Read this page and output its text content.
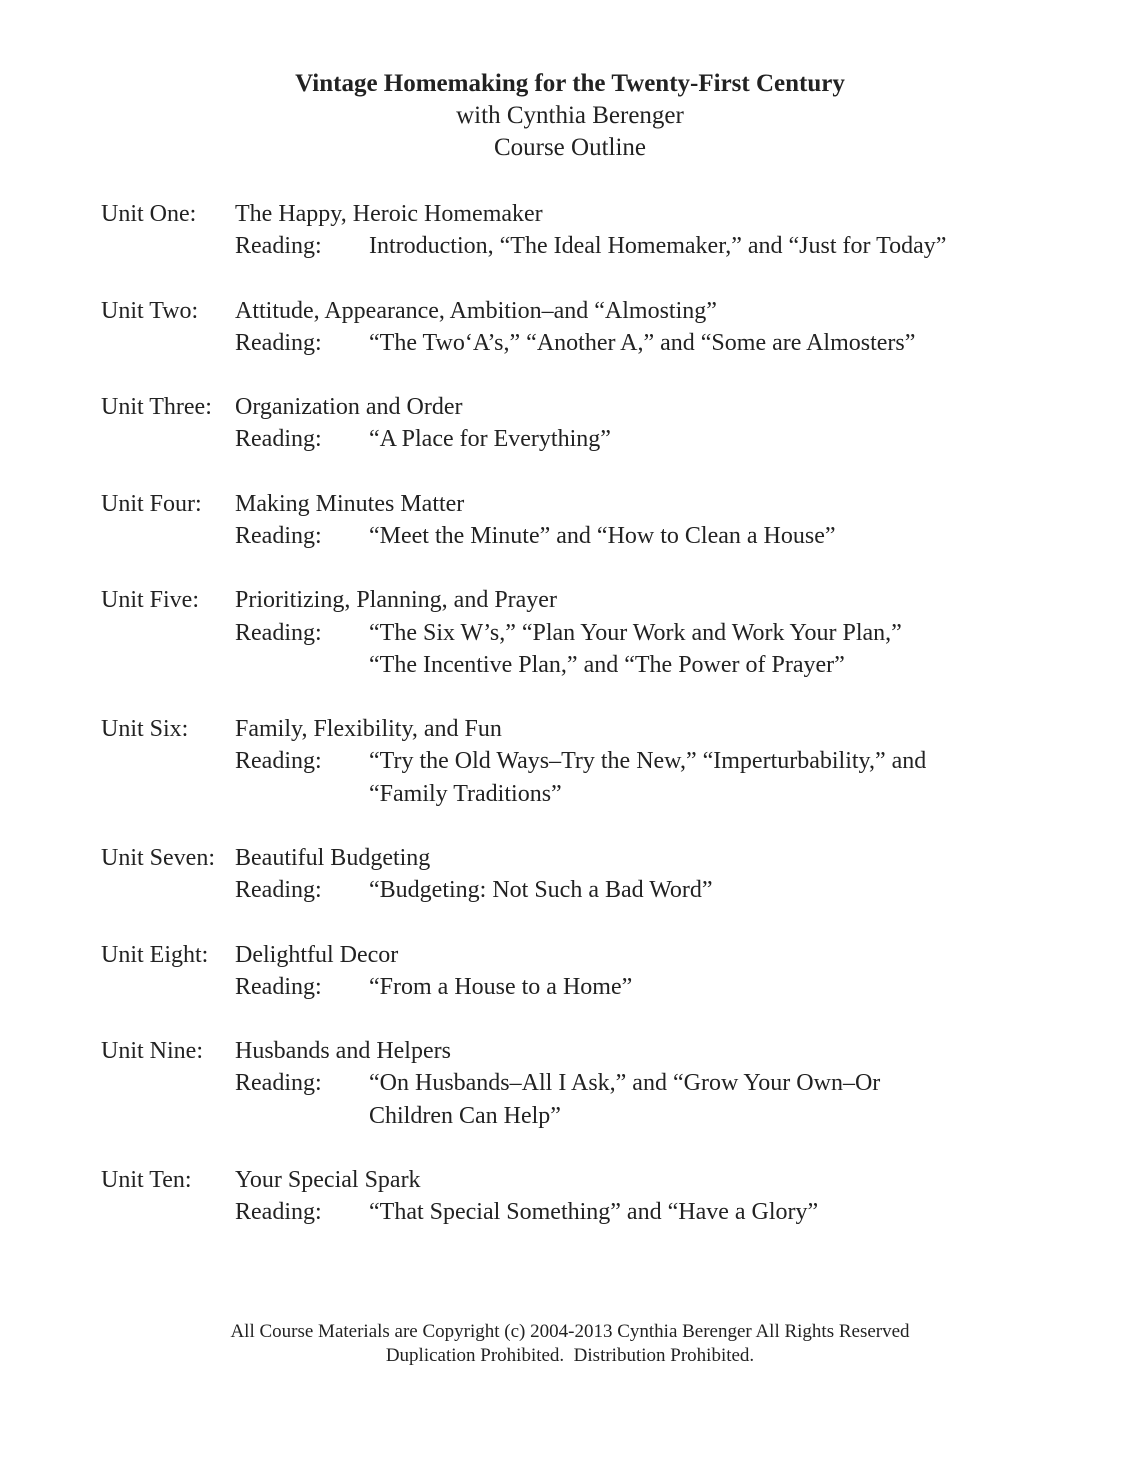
Vintage Homemaking for the Twenty-First Century
with Cynthia Berenger
Course Outline
Unit One:	The Happy, Heroic Homemaker
Reading:	Introduction, “The Ideal Homemaker,” and “Just for Today”
Unit Two:	Attitude, Appearance, Ambition–and “Almosting”
Reading:	“The Two‘A’s,” “Another A,” and “Some are Almosters”
Unit Three: Organization and Order
Reading:	“A Place for Everything”
Unit Four:	Making Minutes Matter
Reading:	“Meet the Minute” and “How to Clean a House”
Unit Five:	Prioritizing, Planning, and Prayer
Reading:	“The Six W’s,” “Plan Your Work and Work Your Plan,”
“The Incentive Plan,” and “The Power of Prayer”
Unit Six:	Family, Flexibility, and Fun
Reading:	“Try the Old Ways–Try the New,” “Imperturbability,” and
“Family Traditions”
Unit Seven: Beautiful Budgeting
Reading:	“Budgeting: Not Such a Bad Word”
Unit Eight:	Delightful Decor
Reading:	“From a House to a Home”
Unit Nine:	Husbands and Helpers
Reading:	“On Husbands–All I Ask,” and “Grow Your Own–Or
Children Can Help”
Unit Ten:	Your Special Spark
Reading:	“That Special Something” and “Have a Glory”
All Course Materials are Copyright (c) 2004-2013 Cynthia Berenger All Rights Reserved
Duplication Prohibited.  Distribution Prohibited.
